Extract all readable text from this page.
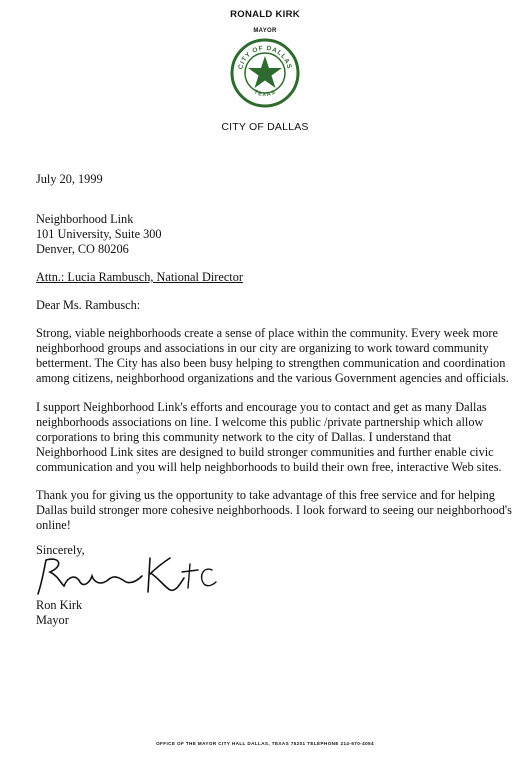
RONALD KIRK
MAYOR
CITY OF DALLAS
TEXAS
CITY OF DALLAS
July 20, 1999
Neighborhood Link
101 University, Suite 300
Denver, CO 80206
Attn.: Lucia Rambusch, National Director
Dear Ms. Rambusch:
Strong, viable neighborhoods create a sense of place within the community. Every week more
neighborhood groups and associations in our city are organizing to work toward community
betterment. The City has also been busy helping to strengthen communication and coordination
among citizens, neighborhood organizations and the various Government agencies and officials.
I support Neighborhood Link's efforts and encourage you to contact and get as many Dallas
neighborhoods associations on line. I welcome this public /private partnership which allow
corporations to bring this community network to the city of Dallas. I understand that
Neighborhood Link sites are designed to build stronger communities and further enable civic
communication and you will help neighborhoods to build their own free, interactive Web sites.
Thank you for giving us the opportunity to take advantage of this free service and for helping
Dallas build stronger more cohesive neighborhoods. I look forward to seeing our neighborhood's
online!
Sincerely,
Ron Kirk
Mayor
OFFICE OF THE MAYOR CITY HALL DALLAS, TEXAS 75201 TELEPHONE 214-670-4054
